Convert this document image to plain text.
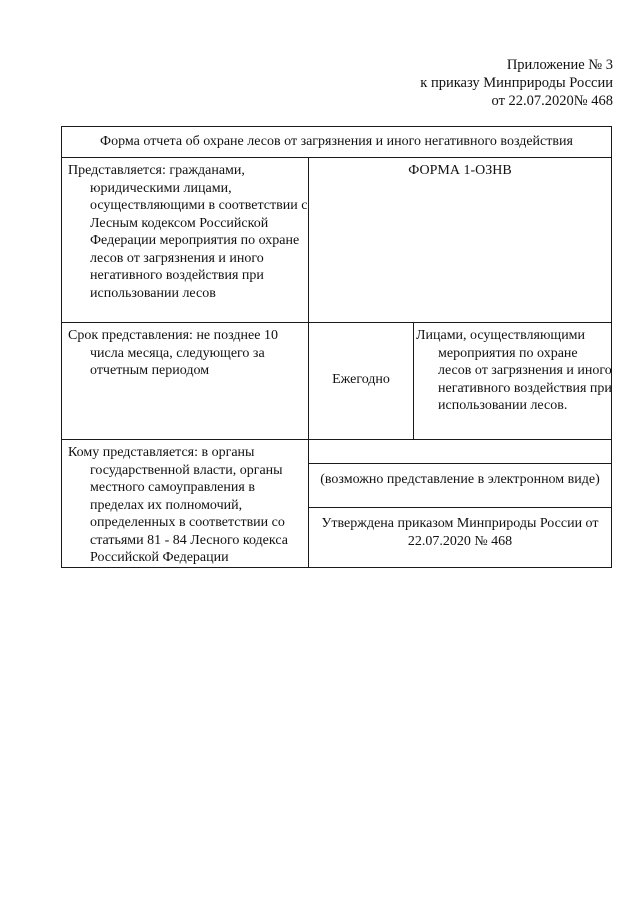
Приложение № 3
к приказу Минприроды России
от 22.07.2020№ 468
Форма отчета об охране лесов от загрязнения и иного негативного воздействия
Представляется: гражданами, юридическими лицами, осуществляющими в соответствии с Лесным кодексом Российской Федерации мероприятия по охране лесов от загрязнения и иного негативного воздействия при использовании лесов
ФОРМА 1-ОЗНВ
Срок представления: не позднее 10 числа месяца, следующего за отчетным периодом
Ежегодно
Лицами, осуществляющими мероприятия по охране лесов от загрязнения и иного негативного воздействия при использовании лесов.
Кому представляется: в органы государственной власти, органы местного самоуправления в пределах их полномочий, определенных в соответствии со статьями 81 - 84 Лесного кодекса Российской Федерации
(возможно представление в электронном виде)
Утверждена приказом Минприроды России от 22.07.2020 № 468
